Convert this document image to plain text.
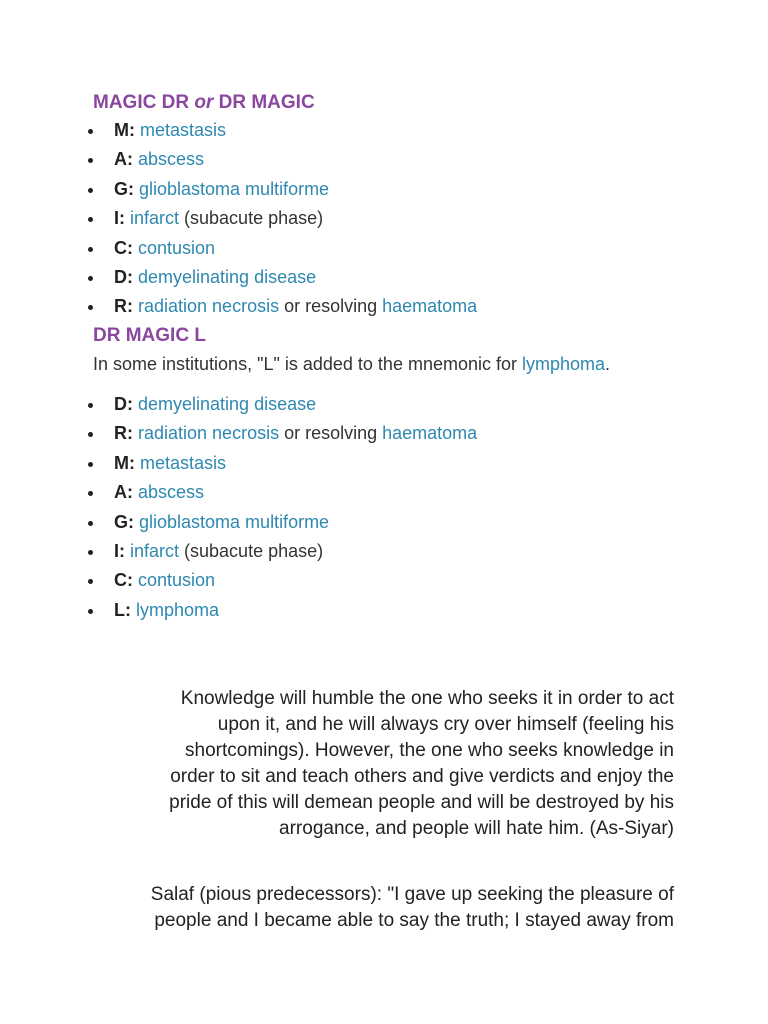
MAGIC DR or DR MAGIC
M: metastasis
A: abscess
G: glioblastoma multiforme
I: infarct (subacute phase)
C: contusion
D: demyelinating disease
R: radiation necrosis or resolving haematoma
DR MAGIC L

In some institutions, "L" is added to the mnemonic for lymphoma.

D: demyelinating disease
R: radiation necrosis or resolving haematoma
M: metastasis
A: abscess
G: glioblastoma multiforme
I: infarct (subacute phase)
C: contusion
L: lymphoma
Knowledge will humble the one who seeks it in order to act
upon it, and he will always cry over himself (feeling his
shortcomings). However, the one who seeks knowledge in
order to sit and teach others and give verdicts and enjoy the
pride of this will demean people and will be destroyed by his
arrogance, and people will hate him. (As-Siyar)
Salaf (pious predecessors): "I gave up seeking the pleasure of
people and I became able to say the truth; I stayed away from
